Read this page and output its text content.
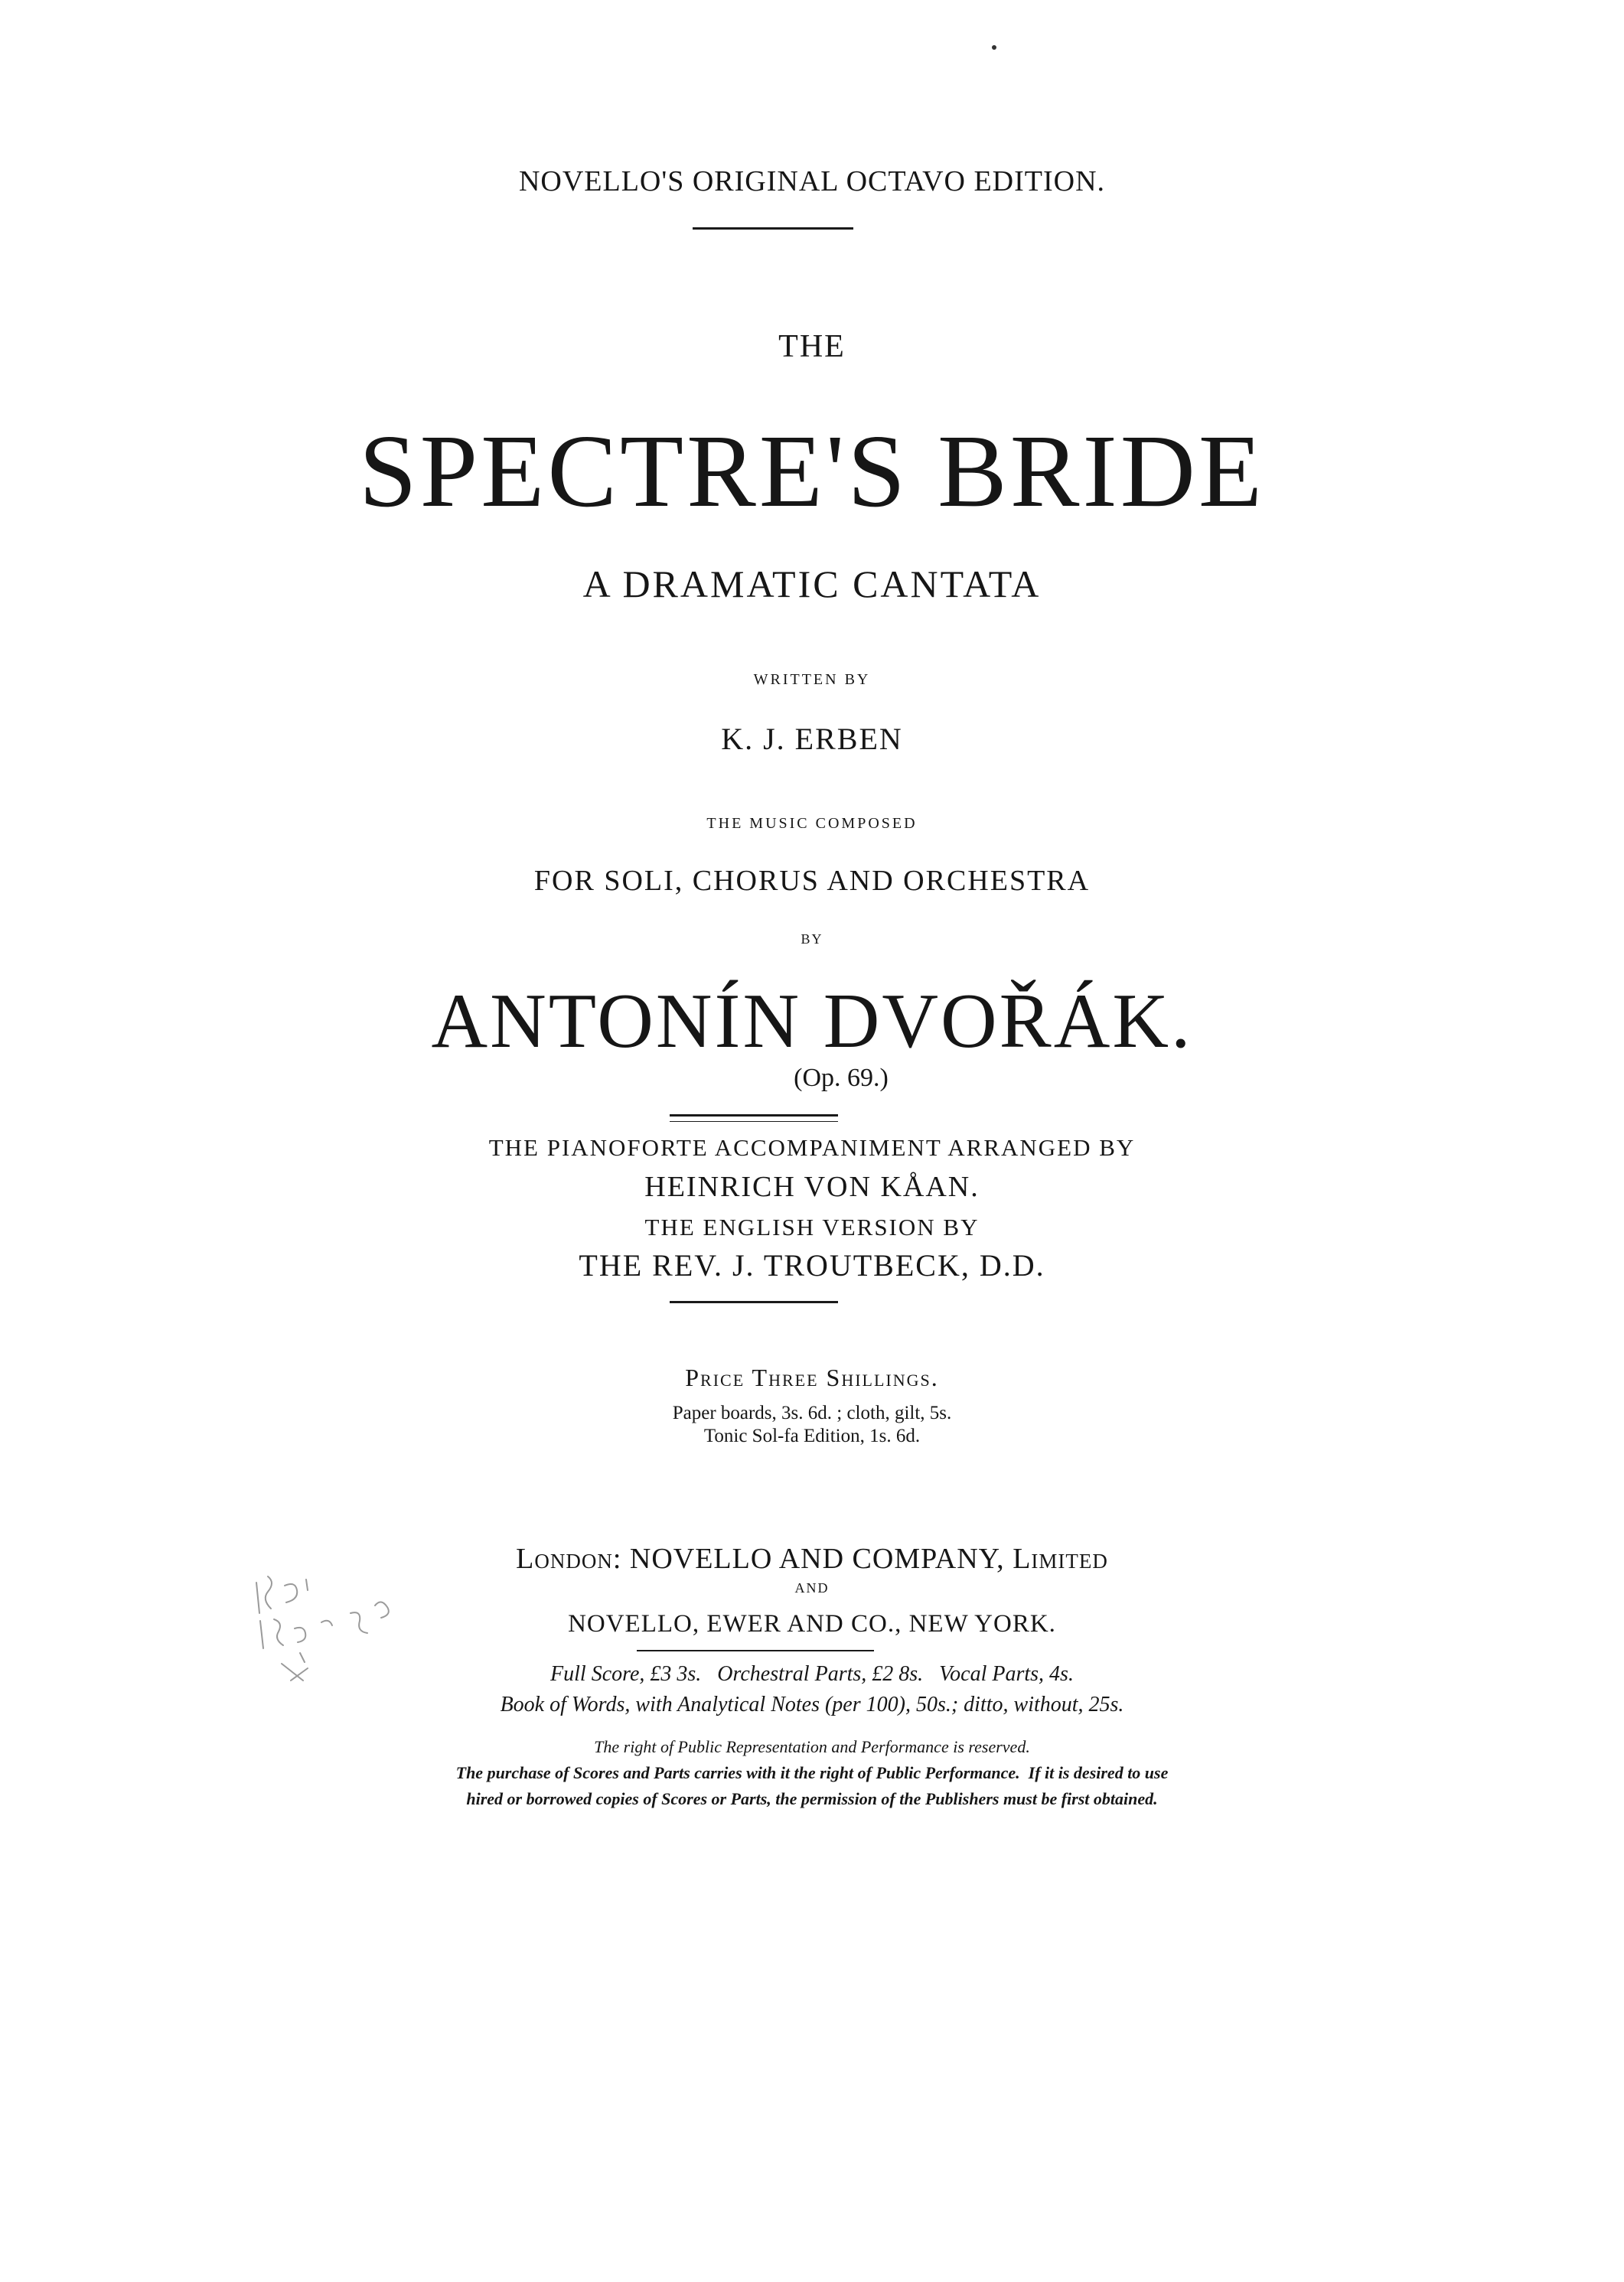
NOVELLO'S ORIGINAL OCTAVO EDITION.
THE
SPECTRE'S BRIDE
A DRAMATIC CANTATA
WRITTEN BY
K. J. ERBEN
THE MUSIC COMPOSED
FOR SOLI, CHORUS AND ORCHESTRA
BY
ANTONÍN DVOŘÁK.
(Op. 69.)
THE PIANOFORTE ACCOMPANIMENT ARRANGED BY
HEINRICH VON KÅAN.
THE ENGLISH VERSION BY
THE REV. J. TROUTBECK, D.D.
Price Three Shillings.
Paper boards, 3s. 6d. ; cloth, gilt, 5s.
Tonic Sol-fa Edition, 1s. 6d.
London: NOVELLO AND COMPANY, Limited
AND
NOVELLO, EWER AND CO., NEW YORK.
Full Score, £3 3s.   Orchestral Parts, £2 8s.   Vocal Parts, 4s.
Book of Words, with Analytical Notes (per 100), 50s.; ditto, without, 25s.
The right of Public Representation and Performance is reserved.
The purchase of Scores and Parts carries with it the right of Public Performance.  If it is desired to use
hired or borrowed copies of Scores or Parts, the permission of the Publishers must be first obtained.
